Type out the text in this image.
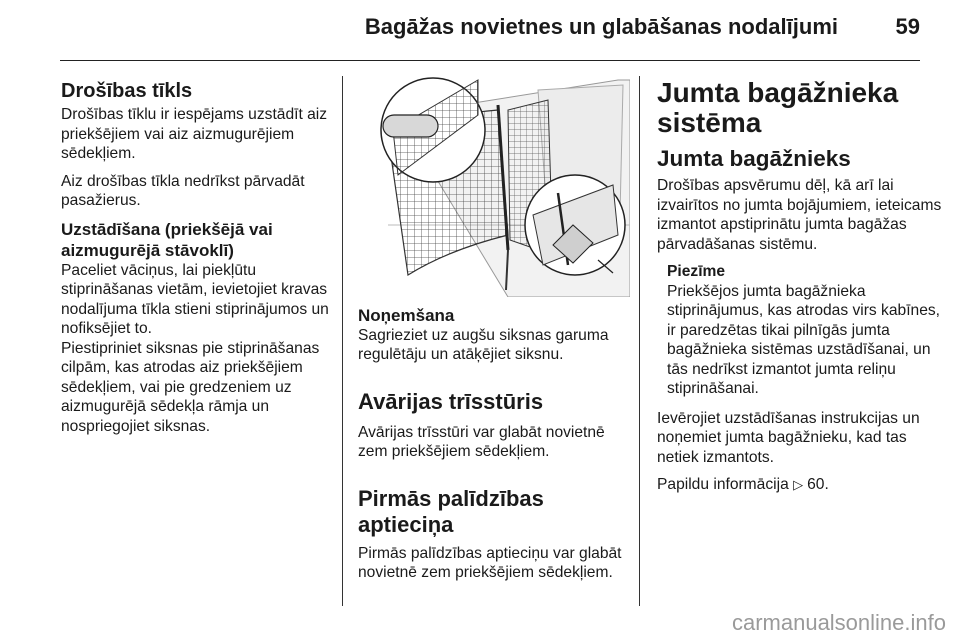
Bagāžas novietnes un glabāšanas nodalījumi	59
Drošības tīkls

Drošības tīklu ir iespējams uzstādīt aiz priekšējiem vai aiz aizmugurējiem sēdekļiem.

Aiz drošības tīkla nedrīkst pārvadāt pasažierus.

Uzstādīšana (priekšējā vai aizmugurējā stāvoklī)

Paceliet vāciņus, lai piekļūtu stiprināšanas vietām, ievietojiet kravas nodalījuma tīkla stieni stiprinājumos un nofiksējiet to.

Piestipriniet siksnas pie stiprināšanas cilpām, kas atrodas aiz priekšējiem sēdekļiem, vai pie gredzeniem uz aizmugurējā sēdekļa rāmja un nospriegojiet siksnas.

Noņemšana

Sagrieziet uz augšu siksnas garuma regulētāju un atāķējiet siksnu.

Avārijas trīsstūris

Avārijas trīsstūri var glabāt novietnē zem priekšējiem sēdekļiem.

Pirmās palīdzības aptieciņa

Pirmās palīdzības aptieciņu var glabāt novietnē zem priekšējiem sēdekļiem.

Jumta bagāžnieka sistēma
Jumta bagāžnieks

Drošības apsvērumu dēļ, kā arī lai izvairītos no jumta bojājumiem, ieteicams izmantot apstiprinātu jumta bagāžas pārvadāšanas sistēmu.

Piezīme
Priekšējos jumta bagāžnieka stiprinājumus, kas atrodas virs kabīnes, ir paredzētas tikai pilnīgās jumta bagāžnieka sistēmas uzstādīšanai, un tās nedrīkst izmantot jumta reliņu stiprināšanai.

Ievērojiet uzstādīšanas instrukcijas un noņemiet jumta bagāžnieku, kad tas netiek izmantots.

Papildu informācija ▷ 60.

carmanualsonline.info
